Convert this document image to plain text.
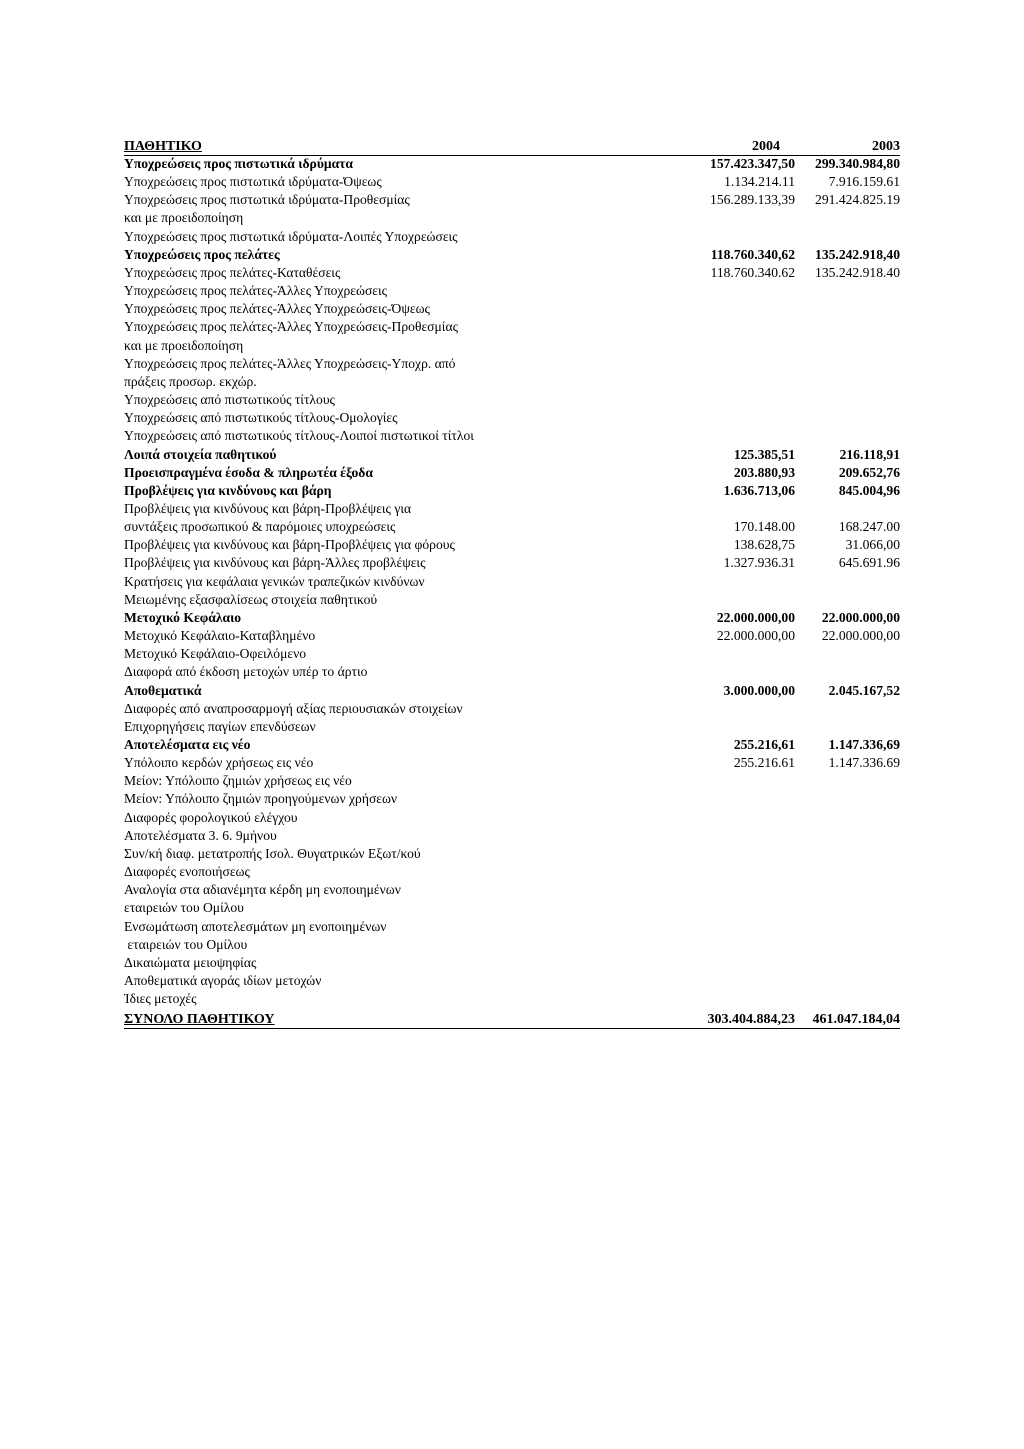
ΠΑΘΗΤΙΚΟ	2004	2003
Υποχρεώσεις προς πιστωτικά ιδρύματα	157.423.347,50	299.340.984,80
Υποχρεώσεις προς πιστωτικά ιδρύματα-Όψεως	1.134.214.11	7.916.159.61
Υποχρεώσεις προς πιστωτικά ιδρύματα-Προθεσμίας	156.289.133,39	291.424.825.19
και με προειδοποίηση
Υποχρεώσεις προς πιστωτικά ιδρύματα-Λοιπές Υποχρεώσεις
Υποχρεώσεις προς πελάτες	118.760.340,62	135.242.918,40
Υποχρεώσεις προς πελάτες-Καταθέσεις	118.760.340.62	135.242.918.40
Υποχρεώσεις προς πελάτες-Άλλες Υποχρεώσεις
Υποχρεώσεις προς πελάτες-Άλλες Υποχρεώσεις-Όψεως
Υποχρεώσεις προς πελάτες-Άλλες Υποχρεώσεις-Προθεσμίας
και με προειδοποίηση
Υποχρεώσεις προς πελάτες-Άλλες Υποχρεώσεις-Υποχρ. από
πράξεις προσωρ. εκχώρ.
Υποχρεώσεις από πιστωτικούς τίτλους
Υποχρεώσεις από πιστωτικούς τίτλους-Ομολογίες
Υποχρεώσεις από πιστωτικούς τίτλους-Λοιποί πιστωτικοί τίτλοι
Λοιπά στοιχεία παθητικού	125.385,51	216.118,91
Προεισπραγμένα έσοδα & πληρωτέα έξοδα	203.880,93	209.652,76
Προβλέψεις για κινδύνους και βάρη	1.636.713,06	845.004,96
Προβλέψεις για κινδύνους και βάρη-Προβλέψεις για
συντάξεις προσωπικού & παρόμοιες υποχρεώσεις	170.148.00	168.247.00
Προβλέψεις για κινδύνους και βάρη-Προβλέψεις για φόρους	138.628,75	31.066,00
Προβλέψεις για κινδύνους και βάρη-Άλλες προβλέψεις	1.327.936.31	645.691.96
Κρατήσεις για κεφάλαια γενικών τραπεζικών κινδύνων
Μειωμένης εξασφαλίσεως στοιχεία παθητικού
Μετοχικό Κεφάλαιο	22.000.000,00	22.000.000,00
Μετοχικό Κεφάλαιο-Καταβλημένο	22.000.000,00	22.000.000,00
Μετοχικό Κεφάλαιο-Οφειλόμενο
Διαφορά από έκδοση μετοχών υπέρ το άρτιο
Αποθεματικά	3.000.000,00	2.045.167,52
Διαφορές από αναπροσαρμογή αξίας περιουσιακών στοιχείων
Επιχορηγήσεις παγίων επενδύσεων
Αποτελέσματα εις νέο	255.216,61	1.147.336,69
Υπόλοιπο κερδών χρήσεως εις νέο	255.216.61	1.147.336.69
Μείον: Υπόλοιπο ζημιών χρήσεως εις νέο
Μείον: Υπόλοιπο ζημιών προηγούμενων χρήσεων
Διαφορές φορολογικού ελέγχου
Αποτελέσματα 3. 6. 9μήνου
Συν/κή διαφ. μετατροπής Ισολ. Θυγατρικών Εξωτ/κού
Διαφορές ενοποιήσεως
Αναλογία στα αδιανέμητα κέρδη μη ενοποιημένων
εταιρειών του Ομίλου
Ενσωμάτωση αποτελεσμάτων μη ενοποιημένων
εταιρειών του Ομίλου
Δικαιώματα μειοψηφίας
Αποθεματικά αγοράς ιδίων μετοχών
Ίδιες μετοχές
ΣΥΝΟΛΟ ΠΑΘΗΤΙΚΟΥ	303.404.884,23	461.047.184,04
